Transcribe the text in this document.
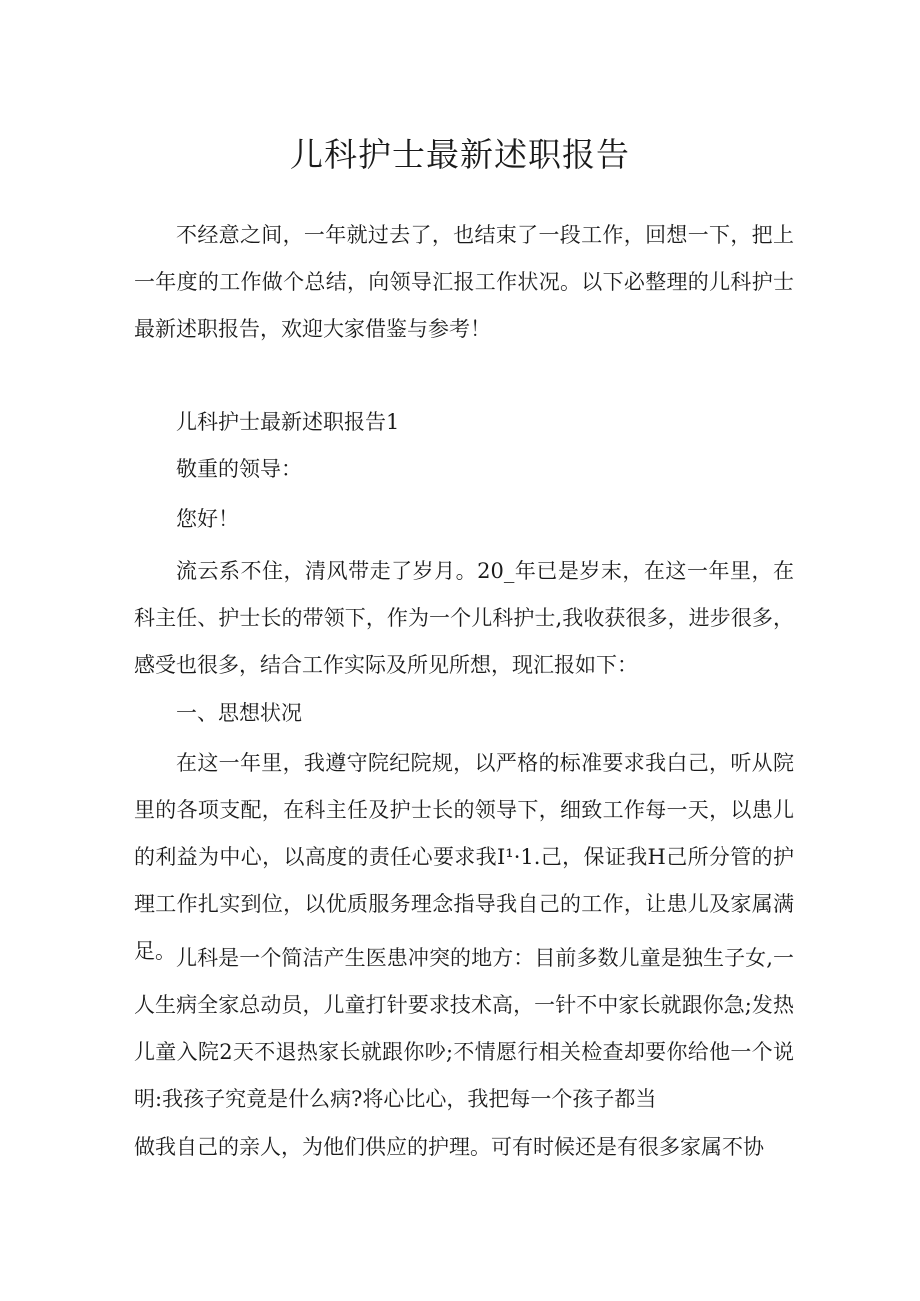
儿科护士最新述职报告

不经意之间，一年就过去了，也结束了一段工作，回想一下，把上一年度的工作做个总结，向领导汇报工作状况。以下必整理的儿科护士最新述职报告，欢迎大家借鉴与参考！

儿科护士最新述职报告1

敬重的领导：

您好！

流云系不住，清风带走了岁月。20_年已是岁末，在这一年里，在科主任、护士长的带领下，作为一个儿科护士,我收获很多，进步很多，感受也很多，结合工作实际及所见所想，现汇报如下：

一、思想状况

在这一年里，我遵守院纪院规，以严格的标准要求我白己，听从院里的各项支配，在科主任及护士长的领导下，细致工作每一天，以患儿的利益为中心，以高度的责任心要求我I¹·1.己，保证我H己所分管的护理工作扎实到位，以优质服务理念指导我自己的工作，让患儿及家属满足。 儿科是一个简洁产生医患冲突的地方：目前多数儿童是独生子女,一人生病全家总动员，儿童打针要求技术高，一针不中家长就跟你急;发热儿童入院2天不退热家长就跟你吵;不情愿行相关检查却要你给他一个说明:我孩子究竟是什么病?将心比心，我把每一个孩子都当

做我自己的亲人，为他们供应的护理。可有时候还是有很多家属不协
